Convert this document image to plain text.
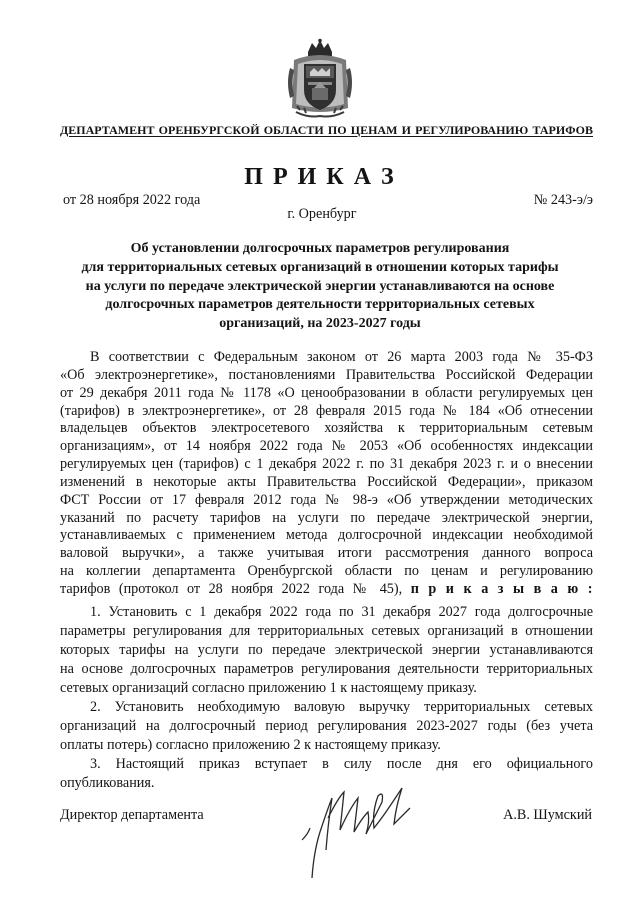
ДЕПАРТАМЕНТ ОРЕНБУРГСКОЙ ОБЛАСТИ ПО ЦЕНАМ И РЕГУЛИРОВАНИЮ ТАРИФОВ
П Р И К А З
от 28 ноября 2022 года	№ 243-э/э
г. Оренбург
Об установлении долгосрочных параметров регулирования
для территориальных сетевых организаций в отношении которых тарифы
на услуги по передаче электрической энергии устанавливаются на основе
долгосрочных параметров деятельности территориальных сетевых
организаций, на 2023-2027 годы
В соответствии с Федеральным законом от 26 марта 2003 года № 35-ФЗ
«Об электроэнергетике», постановлениями Правительства Российской Федерации
от 29 декабря 2011 года № 1178 «О ценообразовании в области регулируемых цен
(тарифов) в электроэнергетике», от 28 февраля 2015 года № 184 «Об отнесении
владельцев объектов электросетевого хозяйства к территориальным сетевым
организациям», от 14 ноября 2022 года № 2053 «Об особенностях индексации
регулируемых цен (тарифов) с 1 декабря 2022 г. по 31 декабря 2023 г. и о внесении
изменений в некоторые акты Правительства Российской Федерации», приказом
ФСТ России от 17 февраля 2012 года № 98-э «Об утверждении методических
указаний по расчету тарифов на услуги по передаче электрической энергии,
устанавливаемых с применением метода долгосрочной индексации необходимой
валовой выручки», а также учитывая итоги рассмотрения данного вопроса
на коллегии департамента Оренбургской области по ценам и регулированию
тарифов (протокол от 28 ноября 2022 года № 45), п р и к а з ы в а ю :
1. Установить с 1 декабря 2022 года по 31 декабря 2027 года долгосрочные
параметры регулирования для территориальных сетевых организаций в отношении
которых тарифы на услуги по передаче электрической энергии устанавливаются
на основе долгосрочных параметров регулирования деятельности территориальных
сетевых организаций согласно приложению 1 к настоящему приказу.
2. Установить необходимую валовую выручку территориальных сетевых
организаций на долгосрочный период регулирования 2023-2027 годы (без учета
оплаты потерь) согласно приложению 2 к настоящему приказу.
3. Настоящий приказ вступает в силу после дня его официального
опубликования.
Директор департамента	А.В. Шумский
